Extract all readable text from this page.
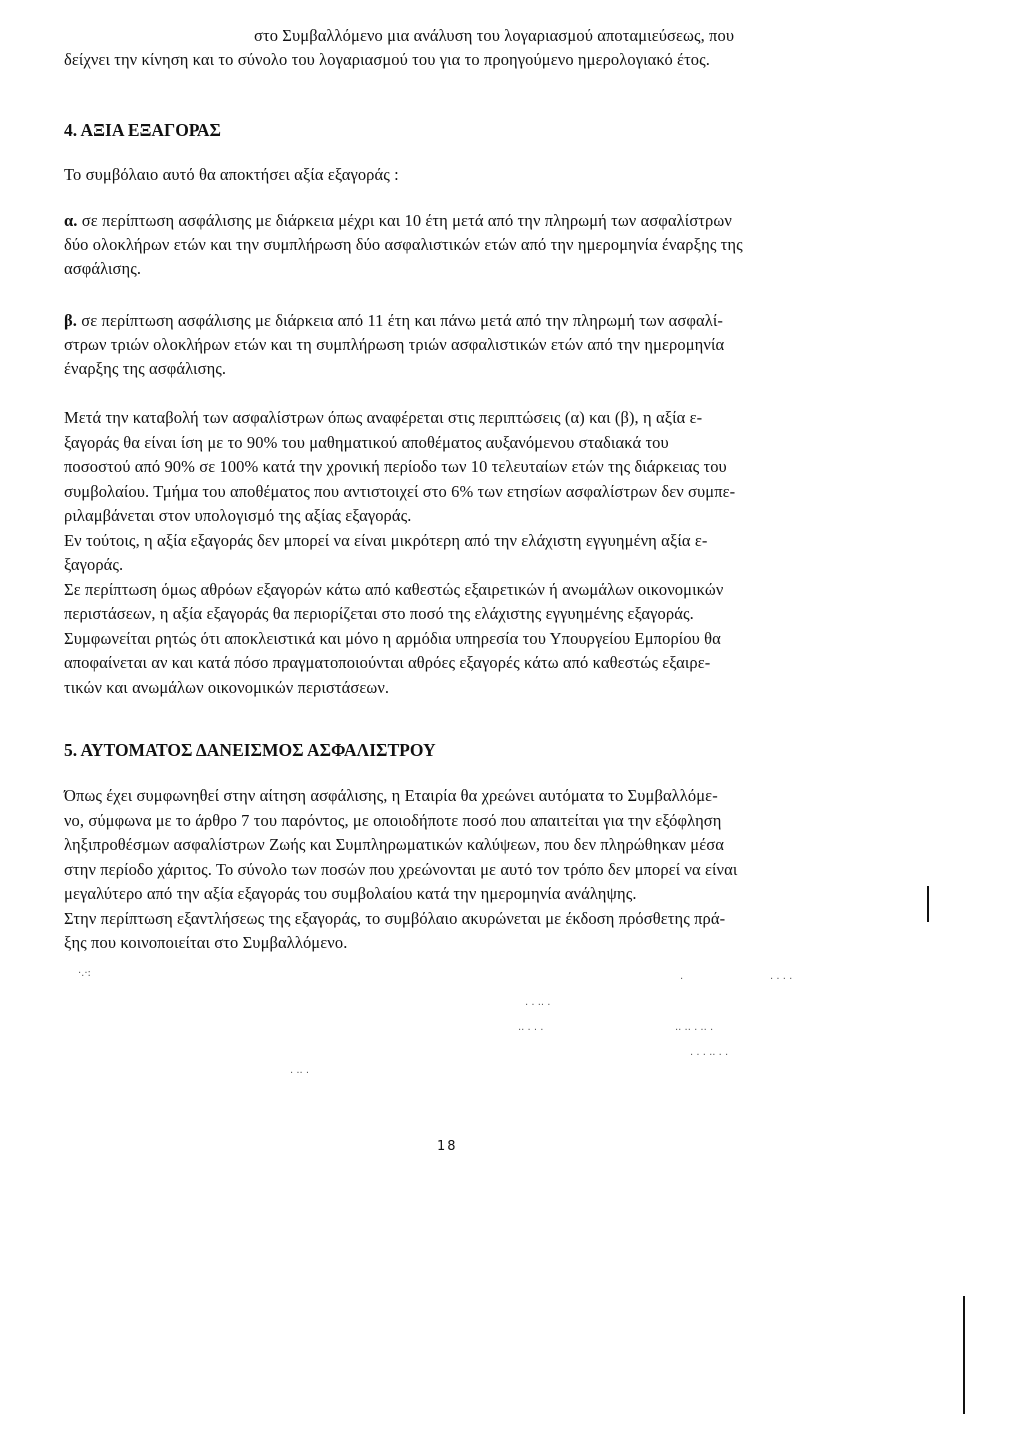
στο Συμβαλλόμενο μια ανάλυση του λογαριασμού αποταμιεύσεως, που
δείχνει την κίνηση και το σύνολο του λογαριασμού του για το προηγούμενο ημερολογιακό έτος.
4. ΑΞΙΑ ΕΞΑΓΟΡΑΣ
Το συμβόλαιο αυτό θα αποκτήσει αξία εξαγοράς :
α. σε περίπτωση ασφάλισης με διάρκεια μέχρι και 10 έτη μετά από την πληρωμή των ασφαλίστρων
δύο ολοκλήρων ετών και την συμπλήρωση δύο ασφαλιστικών ετών από την ημερομηνία έναρξης της
ασφάλισης.
β. σε περίπτωση ασφάλισης με διάρκεια από 11 έτη και πάνω μετά από την πληρωμή των ασφαλί-
στρων τριών ολοκλήρων ετών και τη συμπλήρωση τριών ασφαλιστικών ετών από την ημερομηνία
έναρξης της ασφάλισης.
Μετά την καταβολή των ασφαλίστρων όπως αναφέρεται στις περιπτώσεις (α) και (β), η αξία ε-
ξαγοράς θα είναι ίση με το 90% του μαθηματικού αποθέματος αυξανόμενου σταδιακά του
ποσοστού από 90% σε 100% κατά την χρονική περίοδο των 10 τελευταίων ετών της διάρκειας του
συμβολαίου. Τμήμα του αποθέματος που αντιστοιχεί στο 6% των ετησίων ασφαλίστρων δεν συμπε-
ριλαμβάνεται στον υπολογισμό της αξίας εξαγοράς.
Εν τούτοις, η αξία εξαγοράς δεν μπορεί να είναι μικρότερη από την ελάχιστη εγγυημένη αξία ε-
ξαγοράς.
Σε περίπτωση όμως αθρόων εξαγορών κάτω από καθεστώς εξαιρετικών ή ανωμάλων οικονομικών
περιστάσεων, η αξία εξαγοράς θα περιορίζεται στο ποσό της ελάχιστης εγγυημένης εξαγοράς.
Συμφωνείται ρητώς ότι αποκλειστικά και μόνο η αρμόδια υπηρεσία του Υπουργείου Εμπορίου θα
αποφαίνεται αν και κατά πόσο πραγματοποιούνται αθρόες εξαγορές κάτω από καθεστώς εξαιρε-
τικών και ανωμάλων οικονομικών περιστάσεων.
5. ΑΥΤΟΜΑΤΟΣ ΔΑΝΕΙΣΜΟΣ ΑΣΦΑΛΙΣΤΡΟΥ
Όπως έχει συμφωνηθεί στην αίτηση ασφάλισης, η Εταιρία θα χρεώνει αυτόματα το Συμβαλλόμε-
νο, σύμφωνα με το άρθρο 7 του παρόντος, με οποιοδήποτε ποσό που απαιτείται για την εξόφληση
ληξιπροθέσμων ασφαλίστρων Ζωής και Συμπληρωματικών καλύψεων, που δεν πληρώθηκαν μέσα
στην περίοδο χάριτος. Το σύνολο των ποσών που χρεώνονται με αυτό τον τρόπο δεν μπορεί να είναι
μεγαλύτερο από την αξία εξαγοράς του συμβολαίου κατά την ημερομηνία ανάληψης.
Στην περίπτωση εξαντλήσεως της εξαγοράς, το συμβόλαιο ακυρώνεται με έκδοση πρόσθετης πρά-
ξης που κοινοποιείται στο Συμβαλλόμενο.
·.·:
·	· · · ·
· · ·· ·
·· · · ·	·· ·· · ·· ·
· · · ·· · ·
· ·· ·
18
